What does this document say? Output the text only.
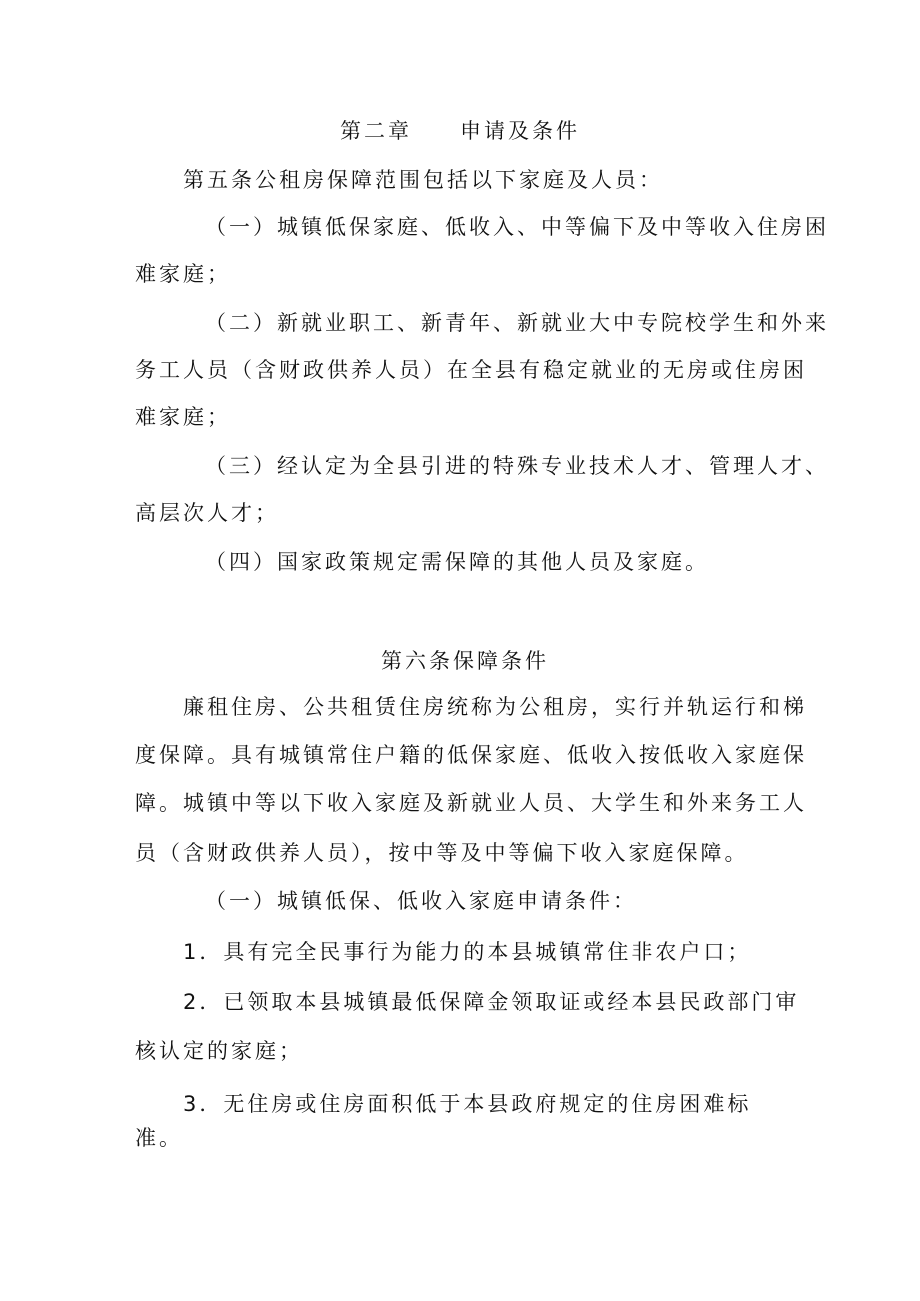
第二章 申请及条件
第五条公租房保障范围包括以下家庭及人员：
（一）城镇低保家庭、低收入、中等偏下及中等收入住房困
难家庭；
（二）新就业职工、新青年、新就业大中专院校学生和外来
务工人员（含财政供养人员）在全县有稳定就业的无房或住房困
难家庭；
（三）经认定为全县引进的特殊专业技术人才、管理人才、
高层次人才；
（四）国家政策规定需保障的其他人员及家庭。
第六条保障条件
廉租住房、公共租赁住房统称为公租房，实行并轨运行和梯
度保障。具有城镇常住户籍的低保家庭、低收入按低收入家庭保
障。城镇中等以下收入家庭及新就业人员、大学生和外来务工人
员（含财政供养人员），按中等及中等偏下收入家庭保障。
（一）城镇低保、低收入家庭申请条件：
1．具有完全民事行为能力的本县城镇常住非农户口；
2．已领取本县城镇最低保障金领取证或经本县民政部门审
核认定的家庭；
3．无住房或住房面积低于本县政府规定的住房困难标
准。
